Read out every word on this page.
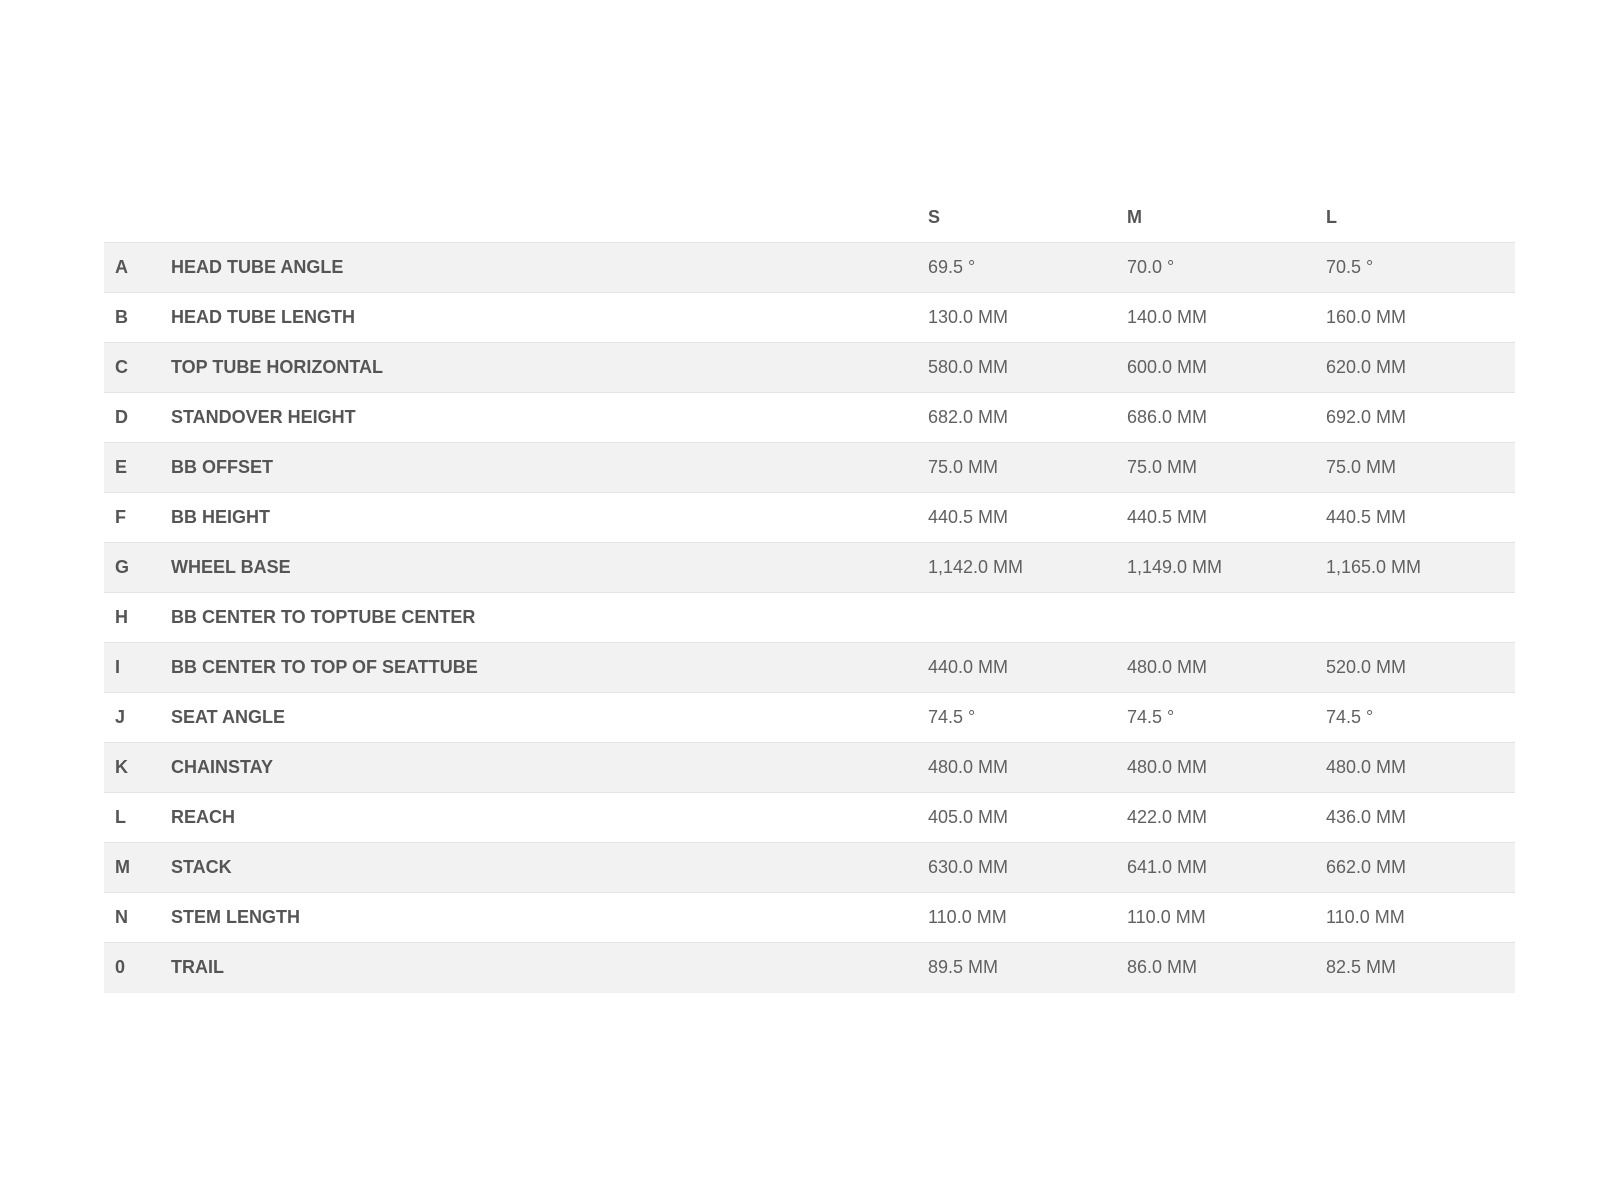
		S	M	L
A	HEAD TUBE ANGLE	69.5 °	70.0 °	70.5 °
B	HEAD TUBE LENGTH	130.0 MM	140.0 MM	160.0 MM
C	TOP TUBE HORIZONTAL	580.0 MM	600.0 MM	620.0 MM
D	STANDOVER HEIGHT	682.0 MM	686.0 MM	692.0 MM
E	BB OFFSET	75.0 MM	75.0 MM	75.0 MM
F	BB HEIGHT	440.5 MM	440.5 MM	440.5 MM
G	WHEEL BASE	1,142.0 MM	1,149.0 MM	1,165.0 MM
H	BB CENTER TO TOPTUBE CENTER			
I	BB CENTER TO TOP OF SEATTUBE	440.0 MM	480.0 MM	520.0 MM
J	SEAT ANGLE	74.5 °	74.5 °	74.5 °
K	CHAINSTAY	480.0 MM	480.0 MM	480.0 MM
L	REACH	405.0 MM	422.0 MM	436.0 MM
M	STACK	630.0 MM	641.0 MM	662.0 MM
N	STEM LENGTH	110.0 MM	110.0 MM	110.0 MM
0	TRAIL	89.5 MM	86.0 MM	82.5 MM
